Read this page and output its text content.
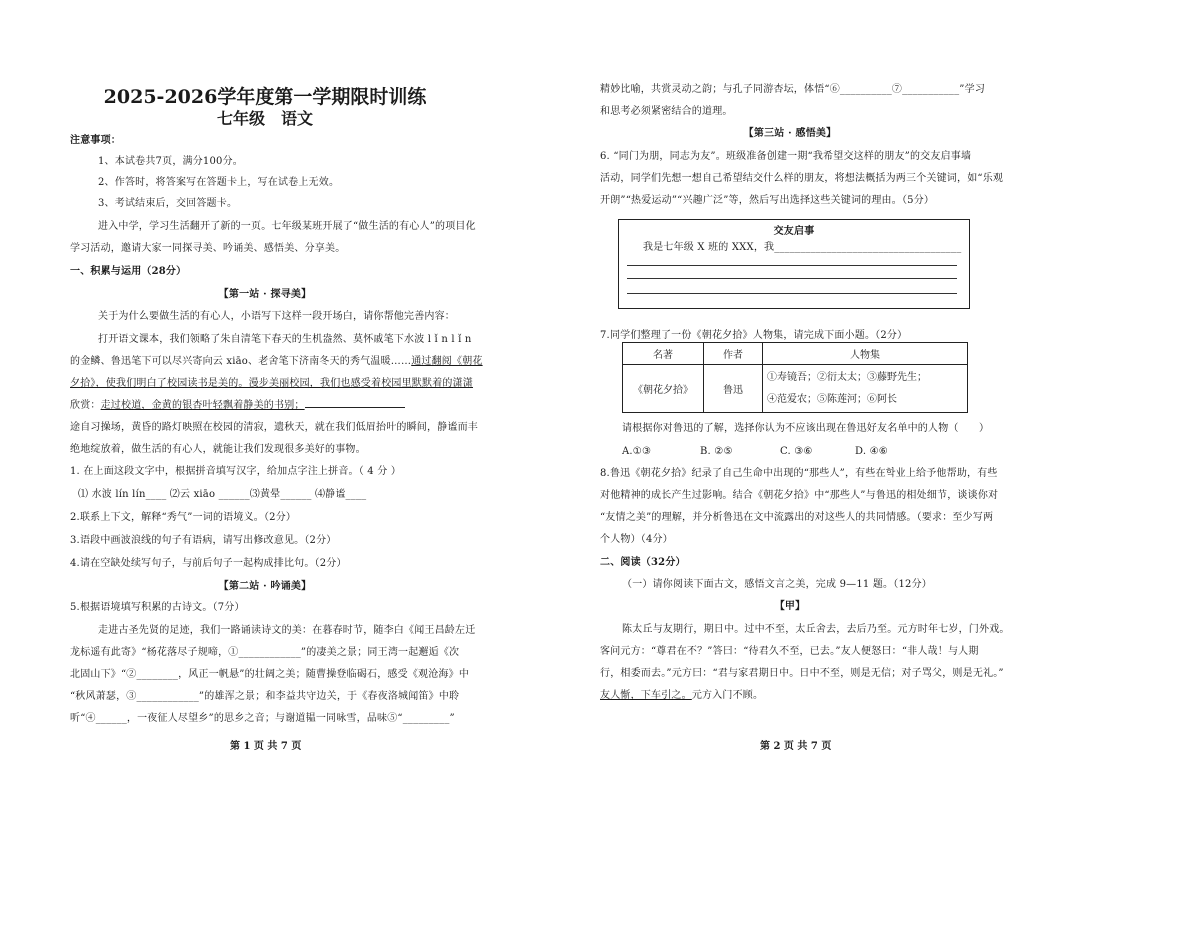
2025-2026学年度第一学期限时训练
七年级　语文
注意事项：
1、本试卷共7页，满分100分。
2、作答时，将答案写在答题卡上，写在试卷上无效。
3、考试结束后，交回答题卡。
进入中学，学习生活翻开了新的一页。七年级某班开展了“做生活的有心人”的项目化
学习活动，邀请大家一同探寻美、吟诵美、感悟美、分享美。
一、积累与运用（28分）
【第一站 · 探寻美】
关于为什么要做生活的有心人，小语写下这样一段开场白，请你帮他完善内容：
打开语文课本，我们领略了朱自清笔下春天的生机盎然、莫怀戚笔下水波 l ǐ n l ǐ n
的金鳞、鲁迅笔下可以尽兴寄向云 xiāo、老舍笔下济南冬天的秀气温暖……通过翻阅《朝花
夕拾》，使我们明白了校园读书是美的。漫步美丽校园，我们也感受着校园里默默着的潇潇
欣赏：走过校道，金黄的银杏叶轻飘着静美的书别；
途自习操场，黄昏的路灯映照在校园的清寂，遗秋天，就在我们低眉抬叶的瞬间，静谧而丰
绝地绽放着，做生活的有心人，就能让我们发现很多美好的事物。
1. 在上面这段文字中，根据拼音填写汉字，给加点字注上拼音。（ 4 分 ）
⑴ 水波 lín lín____ ⑵云 xiāo ______⑶黄晕______ ⑷静谧____
2.联系上下文，解释“秀气”一词的语境义。（2分）
3.语段中画波浪线的句子有语病，请写出修改意见。（2分）
4.请在空缺处续写句子，与前后句子一起构成排比句。（2分）
【第二站 · 吟诵美】
5.根据语境填写积累的古诗文。（7分）
走进古圣先贤的足迹，我们一路诵读诗文的美：在暮春时节，随李白《闻王昌龄左迁
龙标遥有此寄》“杨花落尽子规啼，①____________”的凄美之景；同王湾一起邂逅《次
北固山下》“②________，风正一帆悬”的壮阔之美；随曹操登临碣石，感受《观沧海》中
“秋风萧瑟，③____________”的雄浑之景；和李益共守边关，于《春夜洛城闻笛》中聆
听“④______，一夜征人尽望乡”的思乡之音；与谢道韫一同咏雪，品味⑤“_________”
第 1 页 共 7 页
精妙比喻，共赏灵动之韵；与孔子同游杏坛，体悟“⑥__________⑦___________”学习
和思考必须紧密结合的道理。
【第三站 · 感悟美】
6. “同门为朋，同志为友”。班级准备创建一期“我希望交这样的朋友”的交友启事墙
活动，同学们先想一想自己希望结交什么样的朋友，将想法概括为两三个关键词，如“乐观
开朗”“热爱运动”“兴趣广泛”等，然后写出选择这些关键词的理由。（5分）
交友启事
我是七年级 X 班的 XXX，我____________________________________
7.同学们整理了一份《朝花夕拾》人物集，请完成下面小题。（2分）
名著	作者	人物集
《朝花夕拾》	鲁迅	①寿镜吾；②衍太太；③藤野先生；
④范爱农；⑤陈莲河；⑥阿长
请根据你对鲁迅的了解，选择你认为不应该出现在鲁迅好友名单中的人物（　　）
A.①③	B. ②⑤	C. ③⑥	D. ④⑥
8.鲁迅《朝花夕拾》纪录了自己生命中出现的“那些人”，有些在학业上给予他帮助，有些
对他精神的成长产生过影响。结合《朝花夕拾》中“那些人”与鲁迅的相处细节，谈谈你对
“友情之美”的理解，并分析鲁迅在文中流露出的对这些人的共同情感。（要求：至少写两
个人物）（4分）
二、阅读（32分）
（一）请你阅读下面古文，感悟文言之美，完成 9—11 题。（12分）
【甲】
陈太丘与友期行，期日中。过中不至，太丘舍去，去后乃至。元方时年七岁，门外戏。
客问元方：“尊君在不？”答曰：“待君久不至，已去。”友人便怒曰：“非人哉！与人期
行，相委而去。”元方曰：“君与家君期日中。日中不至，则是无信；对子骂父，则是无礼。”
友人惭，下车引之。元方入门不顾。
第 2 页 共 7 页
